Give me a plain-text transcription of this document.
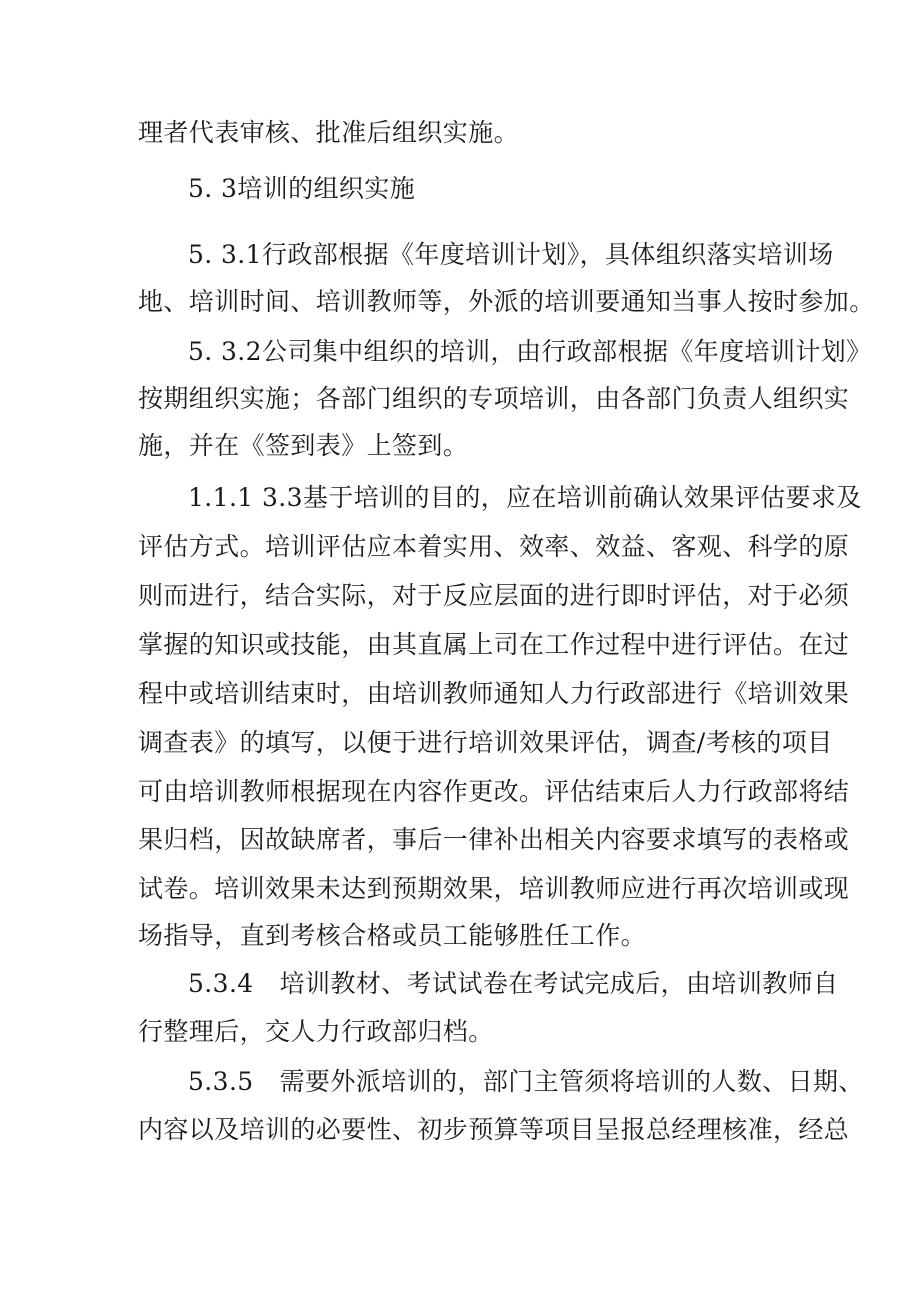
理者代表审核、批准后组织实施。
5. 3培训的组织实施
5. 3.1行政部根据《年度培训计划》，具体组织落实培训场
地、培训时间、培训教师等，外派的培训要通知当事人按时参加。
5. 3.2公司集中组织的培训，由行政部根据《年度培训计划》
按期组织实施；各部门组织的专项培训，由各部门负责人组织实
施，并在《签到表》上签到。
1.1.1 3.3基于培训的目的，应在培训前确认效果评估要求及
评估方式。培训评估应本着实用、效率、效益、客观、科学的原
则而进行，结合实际，对于反应层面的进行即时评估，对于必须
掌握的知识或技能，由其直属上司在工作过程中进行评估。在过
程中或培训结束时，由培训教师通知人力行政部进行《培训效果
调查表》的填写，以便于进行培训效果评估，调查/考核的项目
可由培训教师根据现在内容作更改。评估结束后人力行政部将结
果归档，因故缺席者，事后一律补出相关内容要求填写的表格或
试卷。培训效果未达到预期效果，培训教师应进行再次培训或现
场指导，直到考核合格或员工能够胜任工作。
5.3.4 培训教材、考试试卷在考试完成后，由培训教师自
行整理后，交人力行政部归档。
5.3.5 需要外派培训的，部门主管须将培训的人数、日期、
内容以及培训的必要性、初步预算等项目呈报总经理核准，经总
